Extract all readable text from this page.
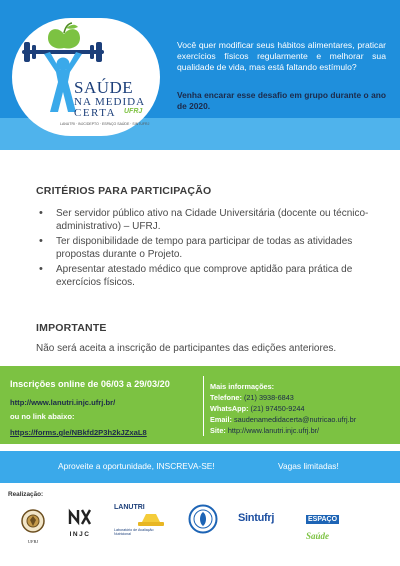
SAÚDE
NA MEDIDA
CERTA UFRJ
LANUTRI · INJC/DEPTO · ESPAÇO SAÚDE · SINTUFRJ
Você quer modificar seus hábitos alimentares, praticar exercícios físicos regularmente e melhorar sua qualidade de vida, mas está faltando estímulo?
Venha encarar esse desafio em grupo durante o ano de 2020.
CRITÉRIOS PARA PARTICIPAÇÃO
• Ser servidor público ativo na Cidade Universitária (docente ou técnico-administrativo) – UFRJ.
• Ter disponibilidade de tempo para participar de todas as atividades propostas durante o Projeto.
• Apresentar atestado médico que comprove aptidão para prática de exercícios físicos.
IMPORTANTE
Não será aceita a inscrição de participantes das edições anteriores.
Inscrições online de 06/03 a 29/03/20
http://www.lanutri.injc.ufrj.br/
ou no link abaixo:
https://forms.gle/NBkfd2P3h2kJZxaL8
Mais informações:
Telefone: (21) 3938-6843
WhatsApp: (21) 97450-9244
Email: saudenamedidacerta@nutricao.ufrj.br
Site: http://www.lanutri.injc.ufrj.br/
Aproveite a oportunidade, INSCREVA-SE!	Vagas limitadas!
Realização:
UFRJ
INJC
LANUTRI
Laboratório de Avaliação Nutricional
Sintufrj	ESPAÇO Saúde
